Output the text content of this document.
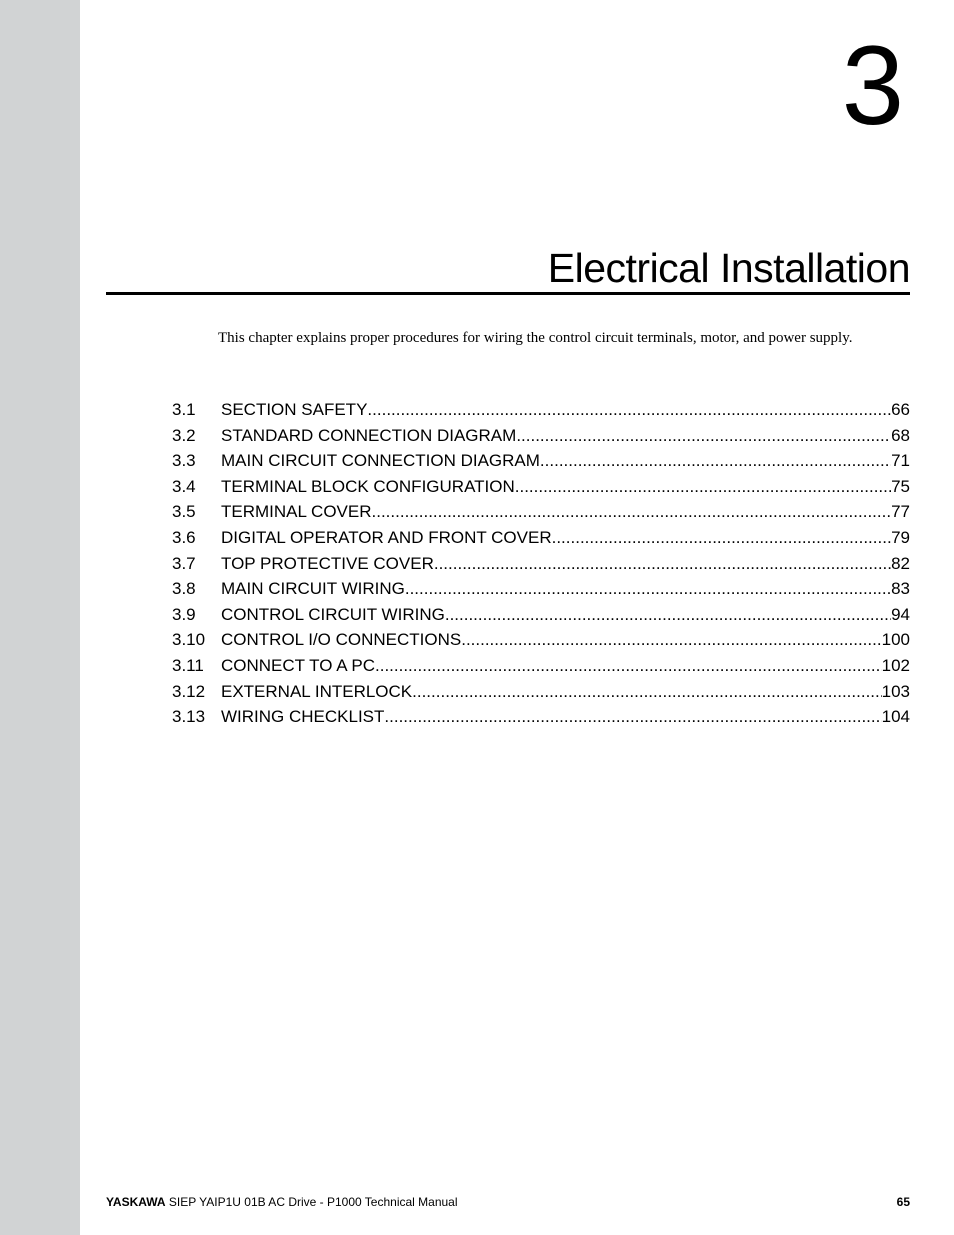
3
Electrical Installation

This chapter explains proper procedures for wiring the control circuit terminals, motor, and power supply.

3.1	SECTION SAFETY .....	66
3.2	STANDARD CONNECTION DIAGRAM .....	68
3.3	MAIN CIRCUIT CONNECTION DIAGRAM .....	71
3.4	TERMINAL BLOCK CONFIGURATION .....	75
3.5	TERMINAL COVER .....	77
3.6	DIGITAL OPERATOR AND FRONT COVER .....	79
3.7	TOP PROTECTIVE COVER .....	82
3.8	MAIN CIRCUIT WIRING .....	83
3.9	CONTROL CIRCUIT WIRING .....	94
3.10 CONTROL I/O CONNECTIONS .....	100
3.11	CONNECT TO A PC .....	102
3.12 EXTERNAL INTERLOCK .....	103
3.13 WIRING CHECKLIST .....	104
YASKAWA SIEP YAIP1U 01B AC Drive - P1000 Technical Manual	65
